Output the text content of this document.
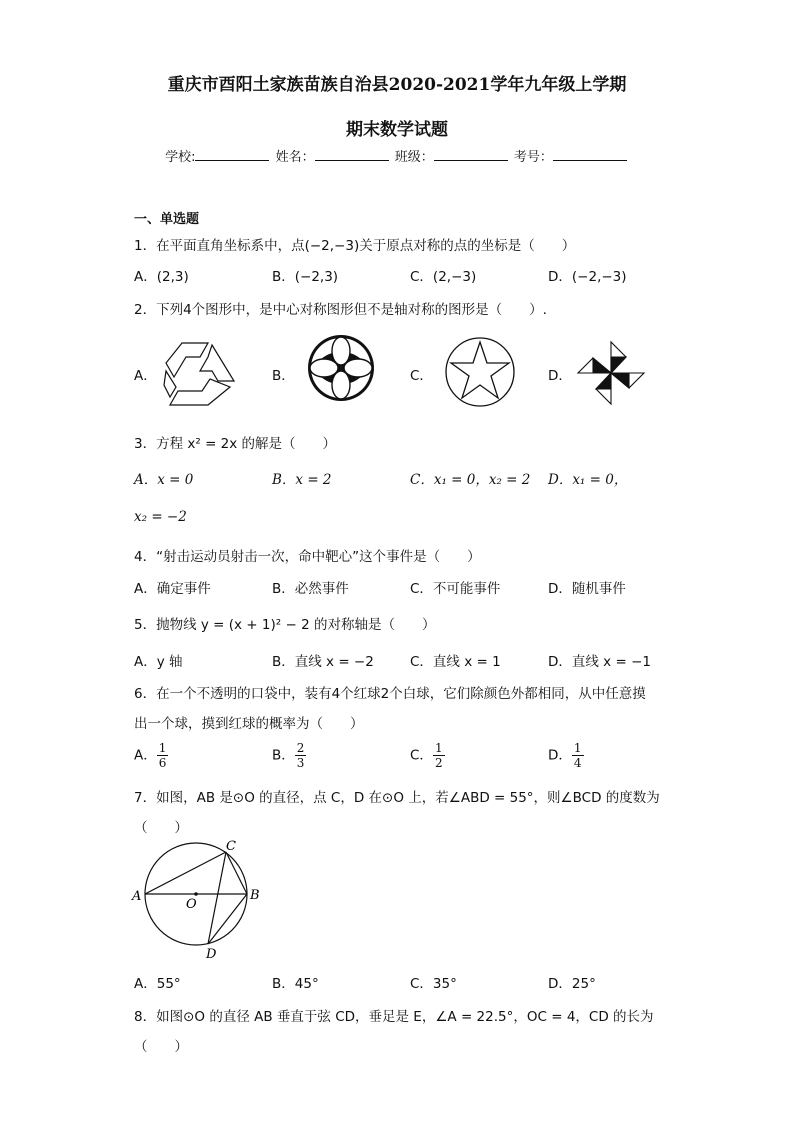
重庆市酉阳土家族苗族自治县2020-2021学年九年级上学期
期末数学试题
学校:	姓名：	班级：	考号：
一、单选题
1．在平面直角坐标系中，点(−2,−3)关于原点对称的点的坐标是（　　）
A．(2,3)	B．(−2,3)	C．(2,−3)	D．(−2,−3)
2．下列4个图形中，是中心对称图形但不是轴对称的图形是（　　）.
A．	B．	C．	D．
3．方程 x² = 2x 的解是（　　）
A．x = 0	B．x = 2	C．x₁ = 0，x₂ = 2 D．x₁ = 0，
x₂ = −2
4．“射击运动员射击一次，命中靶心”这个事件是（　　）
A．确定事件	B．必然事件	C．不可能事件	D．随机事件
5．抛物线 y = (x + 1)² − 2 的对称轴是（　　）
A．y 轴	B．直线 x = −2	C．直线 x = 1	D．直线 x = −1
6．在一个不透明的口袋中，装有4个红球2个白球，它们除颜色外都相同，从中任意摸
出一个球，摸到红球的概率为（　　）
A． $\frac{1}{6}$	B． $\frac{2}{3}$	C． $\frac{1}{2}$	D． $\frac{1}{4}$
7．如图，AB 是⊙O 的直径，点 C，D 在⊙O 上，若∠ABD = 55°，则∠BCD 的度数为
（　　）
A	B
C
D
O
A．55°	B．45°	C．35°	D．25°
8．如图⊙O 的直径 AB 垂直于弦 CD，垂足是 E，∠A = 22.5°，OC = 4，CD 的长为
（　　）
